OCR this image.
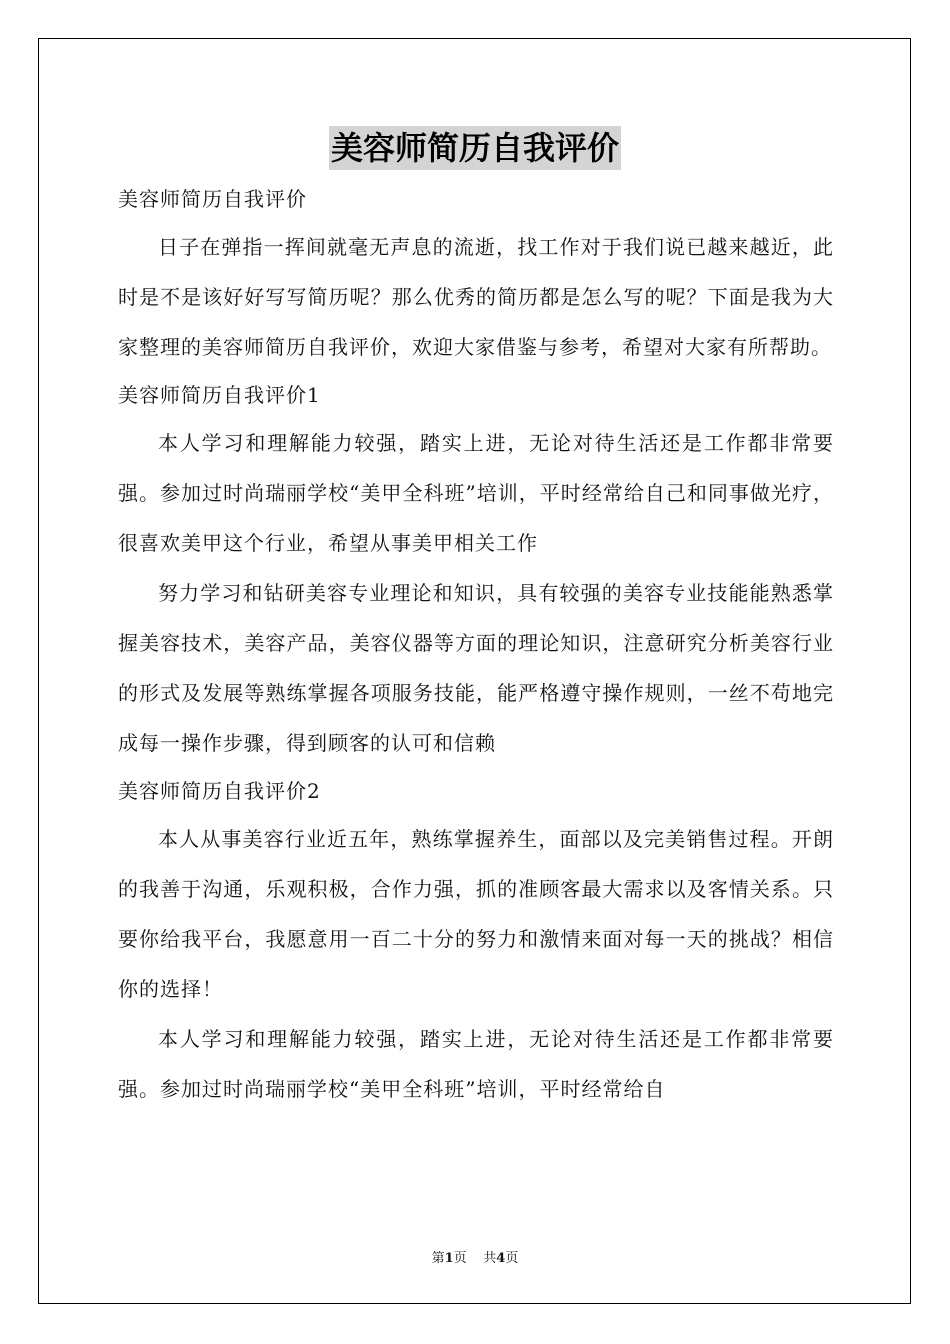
美容师简历自我评价

美容师简历自我评价

日子在弹指一挥间就毫无声息的流逝，找工作对于我们说已越来越近，此时是不是该好好写写简历呢？那么优秀的简历都是怎么写的呢？下面是我为大家整理的美容师简历自我评价，欢迎大家借鉴与参考，希望对大家有所帮助。

美容师简历自我评价1

本人学习和理解能力较强，踏实上进，无论对待生活还是工作都非常要强。参加过时尚瑞丽学校“美甲全科班”培训，平时经常给自己和同事做光疗，很喜欢美甲这个行业，希望从事美甲相关工作

努力学习和钻研美容专业理论和知识，具有较强的美容专业技能能熟悉掌握美容技术，美容产品，美容仪器等方面的理论知识，注意研究分析美容行业的形式及发展等熟练掌握各项服务技能，能严格遵守操作规则，一丝不苟地完成每一操作步骤，得到顾客的认可和信赖

美容师简历自我评价2

本人从事美容行业近五年，熟练掌握养生，面部以及完美销售过程。开朗的我善于沟通，乐观积极，合作力强，抓的准顾客最大需求以及客情关系。只要你给我平台，我愿意用一百二十分的努力和激情来面对每一天的挑战？相信你的选择！

本人学习和理解能力较强，踏实上进，无论对待生活还是工作都非常要强。参加过时尚瑞丽学校“美甲全科班”培训，平时经常给自

第1页 共4页
